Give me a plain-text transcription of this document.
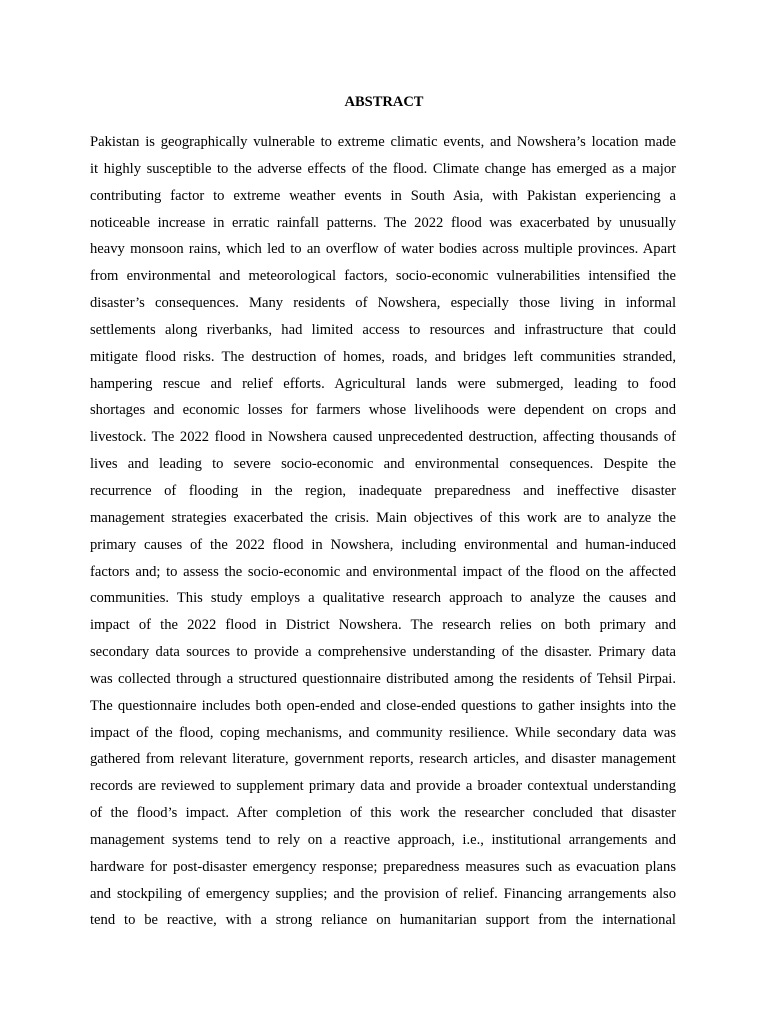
ABSTRACT
Pakistan is geographically vulnerable to extreme climatic events, and Nowshera’s location made
it highly susceptible to the adverse effects of the flood. Climate change has emerged as a major
contributing factor to extreme weather events in South Asia, with Pakistan experiencing a
noticeable increase in erratic rainfall patterns. The 2022 flood was exacerbated by unusually
heavy monsoon rains, which led to an overflow of water bodies across multiple provinces. Apart
from environmental and meteorological factors, socio-economic vulnerabilities intensified the
disaster’s consequences. Many residents of Nowshera, especially those living in informal
settlements along riverbanks, had limited access to resources and infrastructure that could
mitigate flood risks. The destruction of homes, roads, and bridges left communities stranded,
hampering rescue and relief efforts. Agricultural lands were submerged, leading to food
shortages and economic losses for farmers whose livelihoods were dependent on crops and
livestock. The 2022 flood in Nowshera caused unprecedented destruction, affecting thousands of
lives and leading to severe socio-economic and environmental consequences. Despite the
recurrence of flooding in the region, inadequate preparedness and ineffective disaster
management strategies exacerbated the crisis. Main objectives of this work are to analyze the
primary causes of the 2022 flood in Nowshera, including environmental and human-induced
factors and; to assess the socio-economic and environmental impact of the flood on the affected
communities. This study employs a qualitative research approach to analyze the causes and
impact of the 2022 flood in District Nowshera. The research relies on both primary and
secondary data sources to provide a comprehensive understanding of the disaster. Primary data
was collected through a structured questionnaire distributed among the residents of Tehsil Pirpai.
The questionnaire includes both open-ended and close-ended questions to gather insights into the
impact of the flood, coping mechanisms, and community resilience. While secondary data was
gathered from relevant literature, government reports, research articles, and disaster management
records are reviewed to supplement primary data and provide a broader contextual understanding
of the flood’s impact. After completion of this work the researcher concluded that disaster
management systems tend to rely on a reactive approach, i.e., institutional arrangements and
hardware for post-disaster emergency response; preparedness measures such as evacuation plans
and stockpiling of emergency supplies; and the provision of relief. Financing arrangements also
tend to be reactive, with a strong reliance on humanitarian support from the international
